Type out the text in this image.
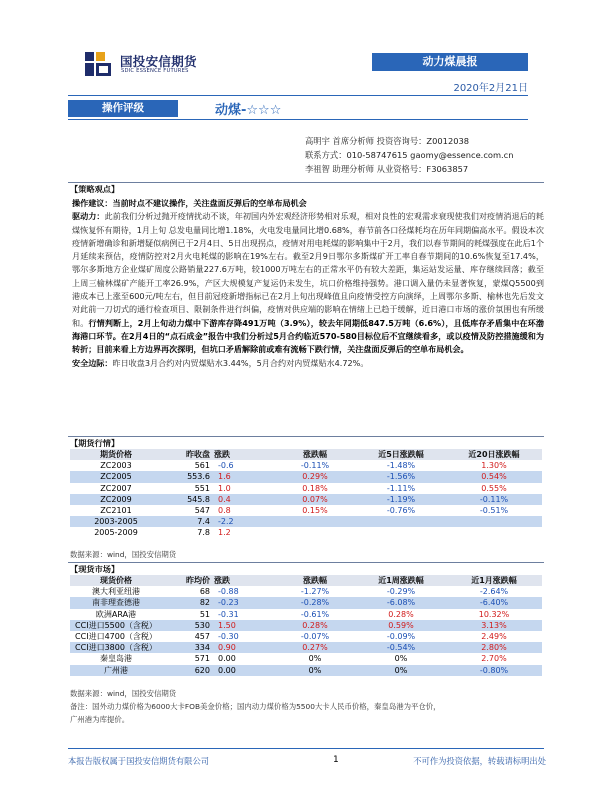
国投安信期货
SDIC ESSENCE FUTURES
动力煤晨报
2020年2月21日
操作评级	动煤-☆☆☆
高明宇 首席分析师 投资咨询号：Z0012038
联系方式：010-58747615 gaomy@essence.com.cn
李祖智 助理分析师 从业资格号：F3063857
【策略观点】

操作建议：当前时点不建议操作，关注盘面反弹后的空单布局机会

驱动力：此前我们分析过抛开疫情扰动不谈，年初国内外宏观经济形势相对乐观，相对良性的宏观需求衰现使我们对疫情消退后的耗煤恢复怀有期待，1月上旬 总发电量同比增1.18%，火电发电量同比增0.68%，春节前各口径煤耗均在历年同期偏高水平。假设本次疫情新增确诊和新增疑似病例已于2月4日、5日出现拐点，疫情对用电耗煤的影响集中于2月，我们以春节期间的耗煤强度在此后1个月延续来预估，疫情防控对2月火电耗煤的影响在19%左右。截至2月9日鄂尔多斯煤矿开工率自春节期间的10.6%恢复至17.4%，鄂尔多斯地方企业煤矿周度公路销量227.6万吨，较1000万吨左右的正常水平仍有较大差距，集运站发运量、库存继续回落；截至上周三榆林煤矿产能开工率26.9%，产区大规模复产复运仍未发生，坑口价格维持强势。港口调入量仍未显著恢复，蒙煤Q5500到港成本已上涨至600元/吨左右，但目前冠疫新增指标已在2月上旬出现峰值且向疫情受控方向演绎，上周鄂尔多斯、榆林也先后发文对此前一刀切式的通行检查项目、限制条件进行纠偏，疫情对供应端的影响在情绪上已趋于缓解，近日港口市场的涨价氛围也有所缓和。行情判断上，2月上旬动力煤中下游库存降491万吨（3.9%），较去年同期低847.5万吨（6.6%），且低库存矛盾集中在环渤海港口环节。在2月4日的“点石成金”报告中我们分析过5月合约临近570-580目标位后不宜继续看多，或以疫情及防控措施缓和为转折；目前来看上方边界再次探明，但坑口矛盾解除前或难有流畅下跌行情，关注盘面反弹后的空单布局机会。

安全边际：昨日收盘3月合约对内贸煤贴水3.44%，5月合约对内贸煤贴水4.72%。

【期货行情】
期货价格	昨收盘	涨跌	涨跌幅	近5日涨跌幅	近20日涨跌幅
ZC2003	561	-0.6	-0.11%	-1.48%	1.30%
ZC2005	553.6	1.6	0.29%	-1.56%	0.54%
ZC2007	551	1.0	0.18%	-1.11%	0.55%
ZC2009	545.8	0.4	0.07%	-1.19%	-0.11%
ZC2101	547	0.8	0.15%	-0.76%	-0.51%
2003-2005	7.4	-2.2			
2005-2009	7.8	1.2			
数据来源：wind，国投安信期货
【现货市场】
现货价格	昨均价	涨跌	涨跌幅	近1周涨跌幅	近1月涨跌幅
澳大利亚纽港	68	-0.88	-1.27%	-0.29%	-2.64%
南非理查德港	82	-0.23	-0.28%	-6.08%	-6.40%
欧洲ARA港	51	-0.31	-0.61%	0.28%	10.32%
CCI进口5500（含税）	530	1.50	0.28%	0.59%	3.13%
CCI进口4700（含税）	457	-0.30	-0.07%	-0.09%	2.49%
CCI进口3800（含税）	334	0.90	0.27%	-0.54%	2.80%
秦皇岛港	571	0.00	0%	0%	2.70%
广州港	620	0.00	0%	0%	-0.80%
数据来源：wind，国投安信期货
备注：国外动力煤价格为6000大卡FOB美金价格；国内动力煤价格为5500大卡人民币价格，秦皇岛港为平仓价，
广州港为库提价。
本报告版权属于国投安信期货有限公司	1	不可作为投资依据，转载请标明出处
